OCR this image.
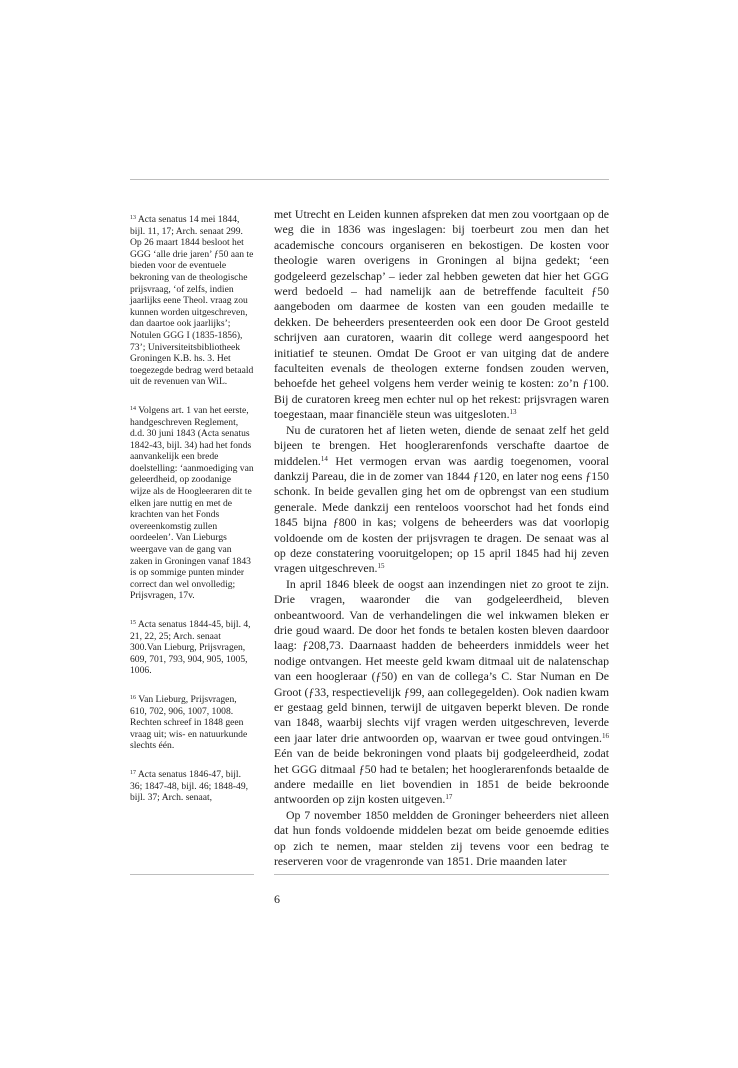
$^{13}$ Acta senatus 14 mei 1844, bijl. 11, 17; Arch. senaat 299. Op 26 maart 1844 besloot het GGG ‘alle drie jaren’ ƒ50 aan te bieden voor de eventuele bekroning van de theologische prijsvraag, ‘of zelfs, indien jaarlijks eene Theol. vraag zou kunnen worden uitgeschreven, dan daartoe ook jaarlijks’; Notulen GGG I (1835-1856), 73’; Universiteitsbibliotheek Groningen K.B. hs. 3. Het toegezegde bedrag werd betaald uit de revenuen van WiL.

$^{14}$ Volgens art. 1 van het eerste, handgeschreven Reglement, d.d. 30 juni 1843 (Acta senatus 1842-43, bijl. 34) had het fonds aanvankelijk een brede doelstelling: ‘aanmoediging van geleerdheid, op zoodanige wijze als de Hoogleeraren dit te elken jare nuttig en met de krachten van het Fonds overeenkomstig zullen oordeelen’. Van Lieburgs weergave van de gang van zaken in Groningen vanaf 1843 is op sommige punten minder correct dan wel onvolledig; Prijsvragen, 17v.

$^{15}$ Acta senatus 1844-45, bijl. 4, 21, 22, 25; Arch. senaat 300.Van Lieburg, Prijsvragen, 609, 701, 793, 904, 905, 1005, 1006.

$^{16}$ Van Lieburg, Prijsvragen, 610, 702, 906, 1007, 1008. Rechten schreef in 1848 geen vraag uit; wis- en natuurkunde slechts één.

$^{17}$ Acta senatus 1846-47, bijl. 36; 1847-48, bijl. 46; 1848-49, bijl. 37; Arch. senaat,

met Utrecht en Leiden kunnen afspreken dat men zou voortgaan op de weg die in 1836 was ingeslagen: bij toerbeurt zou men dan het academische concours organiseren en bekostigen. De kosten voor theologie waren overigens in Groningen al bijna gedekt; ‘een godgeleerd gezelschap’ – ieder zal hebben geweten dat hier het GGG werd bedoeld – had namelijk aan de betreffende faculteit ƒ50 aangeboden om daarmee de kosten van een gouden medaille te dekken. De beheerders presenteerden ook een door De Groot gesteld schrijven aan curatoren, waarin dit college werd aangespoord het initiatief te steunen. Omdat De Groot er van uitging dat de andere faculteiten evenals de theologen externe fondsen zouden werven, behoefde het geheel volgens hem verder weinig te kosten: zo’n ƒ100. Bij de curatoren kreeg men echter nul op het rekest: prijsvragen waren toegestaan, maar financiële steun was uitgesloten.$^{13}$

Nu de curatoren het af lieten weten, diende de senaat zelf het geld bijeen te brengen. Het hooglerarenfonds verschafte daartoe de middelen.$^{14}$ Het vermogen ervan was aardig toegenomen, vooral dankzij Pareau, die in de zomer van 1844 ƒ120, en later nog eens ƒ150 schonk. In beide gevallen ging het om de opbrengst van een studium generale. Mede dankzij een renteloos voorschot had het fonds eind 1845 bijna ƒ800 in kas; volgens de beheerders was dat voorlopig voldoende om de kosten der prijsvragen te dragen. De senaat was al op deze constatering vooruitgelopen; op 15 april 1845 had hij zeven vragen uitgeschreven.$^{15}$

In april 1846 bleek de oogst aan inzendingen niet zo groot te zijn. Drie vragen, waaronder die van godgeleerdheid, bleven onbeantwoord. Van de verhandelingen die wel inkwamen bleken er drie goud waard. De door het fonds te betalen kosten bleven daardoor laag: ƒ208,73. Daarnaast hadden de beheerders inmiddels weer het nodige ontvangen. Het meeste geld kwam ditmaal uit de nalatenschap van een hoogleraar (ƒ50) en van de collega’s C. Star Numan en De Groot (ƒ33, respectievelijk ƒ99, aan collegegelden). Ook nadien kwam er gestaag geld binnen, terwijl de uitgaven beperkt bleven. De ronde van 1848, waarbij slechts vijf vragen werden uitgeschreven, leverde een jaar later drie antwoorden op, waarvan er twee goud ontvingen.$^{16}$ Eén van de beide bekroningen vond plaats bij godgeleerdheid, zodat het GGG ditmaal ƒ50 had te betalen; het hooglerarenfonds betaalde de andere medaille en liet bovendien in 1851 de beide bekroonde antwoorden op zijn kosten uitgeven.$^{17}$

Op 7 november 1850 meldden de Groninger beheerders niet alleen dat hun fonds voldoende middelen bezat om beide genoemde edities op zich te nemen, maar stelden zij tevens voor een bedrag te reserveren voor de vragenronde van 1851. Drie maanden later

6
